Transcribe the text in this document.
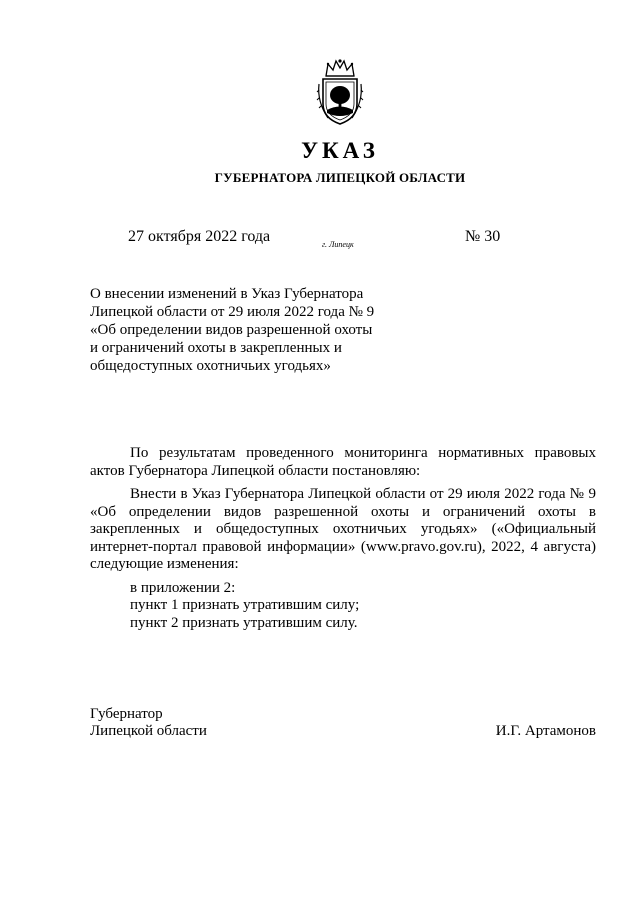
УКАЗ
ГУБЕРНАТОРА ЛИПЕЦКОЙ ОБЛАСТИ
27 октября 2022 года	г. Липецк	№ 30
О внесении изменений в Указ Губернатора
Липецкой области от 29 июля 2022 года № 9
«Об определении видов разрешенной охоты
и ограничений охоты в закрепленных и
общедоступных охотничьих угодьях»

По результатам проведенного мониторинга нормативных правовых актов Губернатора Липецкой области постановляю:

Внести в Указ Губернатора Липецкой области от 29 июля 2022 года № 9 «Об определении видов разрешенной охоты и ограничений охоты в закрепленных и общедоступных охотничьих угодьях» («Официальный интернет-портал правовой информации» (www.pravo.gov.ru), 2022, 4 августа) следующие изменения:

в приложении 2:

пункт 1 признать утратившим силу;

пункт 2 признать утратившим силу.

Губернатор
Липецкой области	И.Г. Артамонов
